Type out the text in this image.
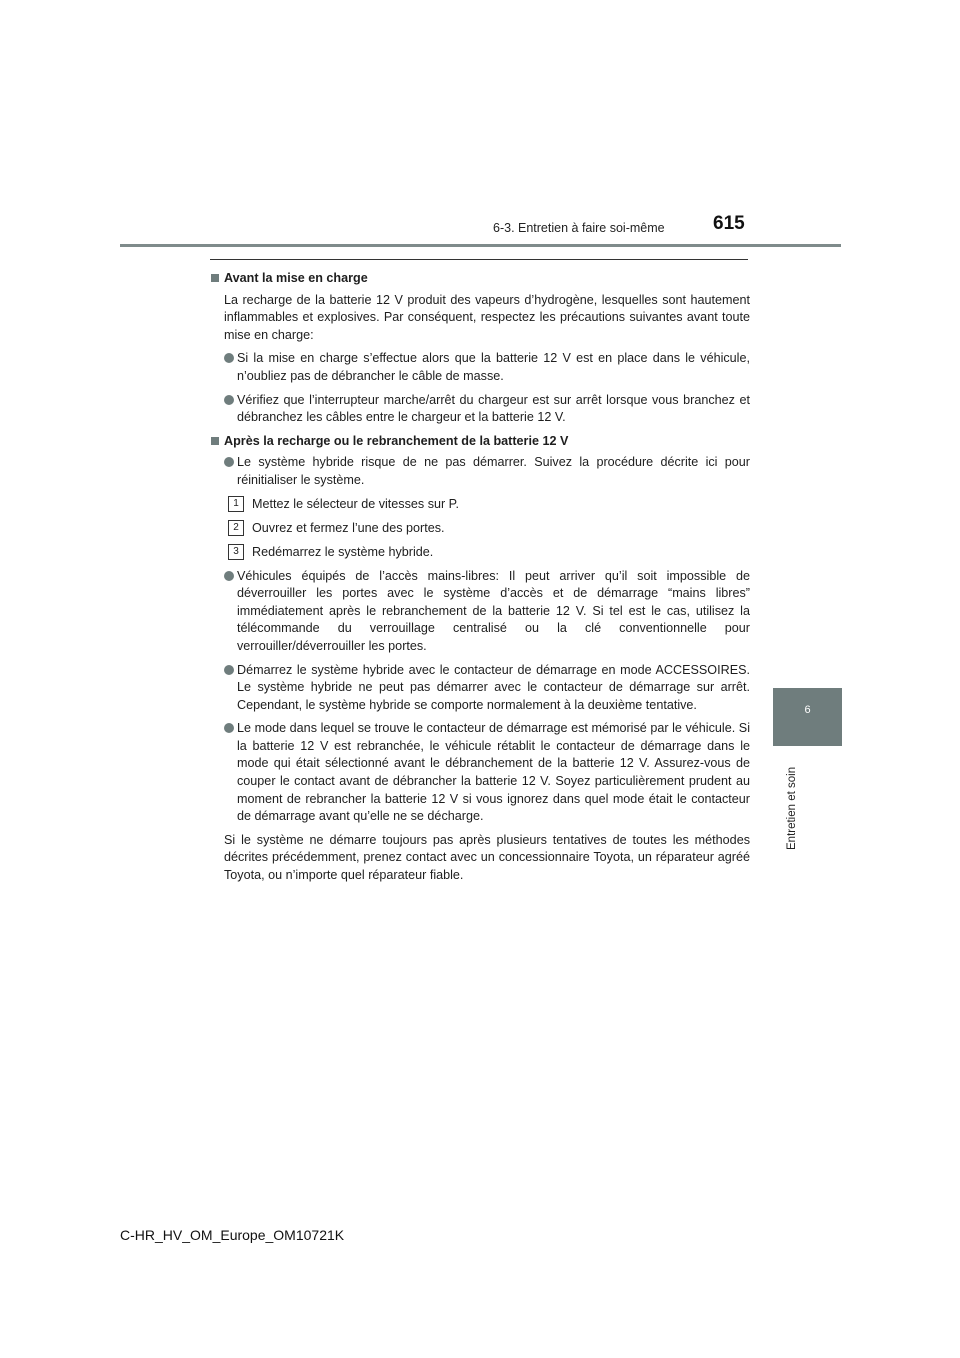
6-3. Entretien à faire soi-même	615
6
Entretien et soin
Avant la mise en charge

La recharge de la batterie 12 V produit des vapeurs d’hydrogène, lesquelles sont hautement inflammables et explosives. Par conséquent, respectez les précautions suivantes avant toute mise en charge:

Si la mise en charge s’effectue alors que la batterie 12 V est en place dans le véhicule, n’oubliez pas de débrancher le câble de masse.
Vérifiez que l’interrupteur marche/arrêt du chargeur est sur arrêt lorsque vous branchez et débranchez les câbles entre le chargeur et la batterie 12 V.
Après la recharge ou le rebranchement de la batterie 12 V
Le système hybride risque de ne pas démarrer. Suivez la procédure décrite ici pour réinitialiser le système.
1	Mettez le sélecteur de vitesses sur P.
2	Ouvrez et fermez l’une des portes.
3	Redémarrez le système hybride.
Véhicules équipés de l’accès mains-libres: Il peut arriver qu’il soit impossible de déverrouiller les portes avec le système d’accès et de démarrage “mains libres” immédiatement après le rebranchement de la batterie 12 V. Si tel est le cas, utilisez la télécommande du verrouillage centralisé ou la clé conventionnelle pour verrouiller/déverrouiller les portes.
Démarrez le système hybride avec le contacteur de démarrage en mode ACCESSOIRES. Le système hybride ne peut pas démarrer avec le contacteur de démarrage sur arrêt. Cependant, le système hybride se comporte normalement à la deuxième tentative.
Le mode dans lequel se trouve le contacteur de démarrage est mémorisé par le véhicule. Si la batterie 12 V est rebranchée, le véhicule rétablit le contacteur de démarrage dans le mode qui était sélectionné avant le débranchement de la batterie 12 V. Assurez-vous de couper le contact avant de débrancher la batterie 12 V. Soyez particulièrement prudent au moment de rebrancher la batterie 12 V si vous ignorez dans quel mode était le contacteur de démarrage avant qu’elle ne se décharge.

Si le système ne démarre toujours pas après plusieurs tentatives de toutes les méthodes décrites précédemment, prenez contact avec un concessionnaire Toyota, un réparateur agréé Toyota, ou n’importe quel réparateur fiable.

C-HR_HV_OM_Europe_OM10721K
